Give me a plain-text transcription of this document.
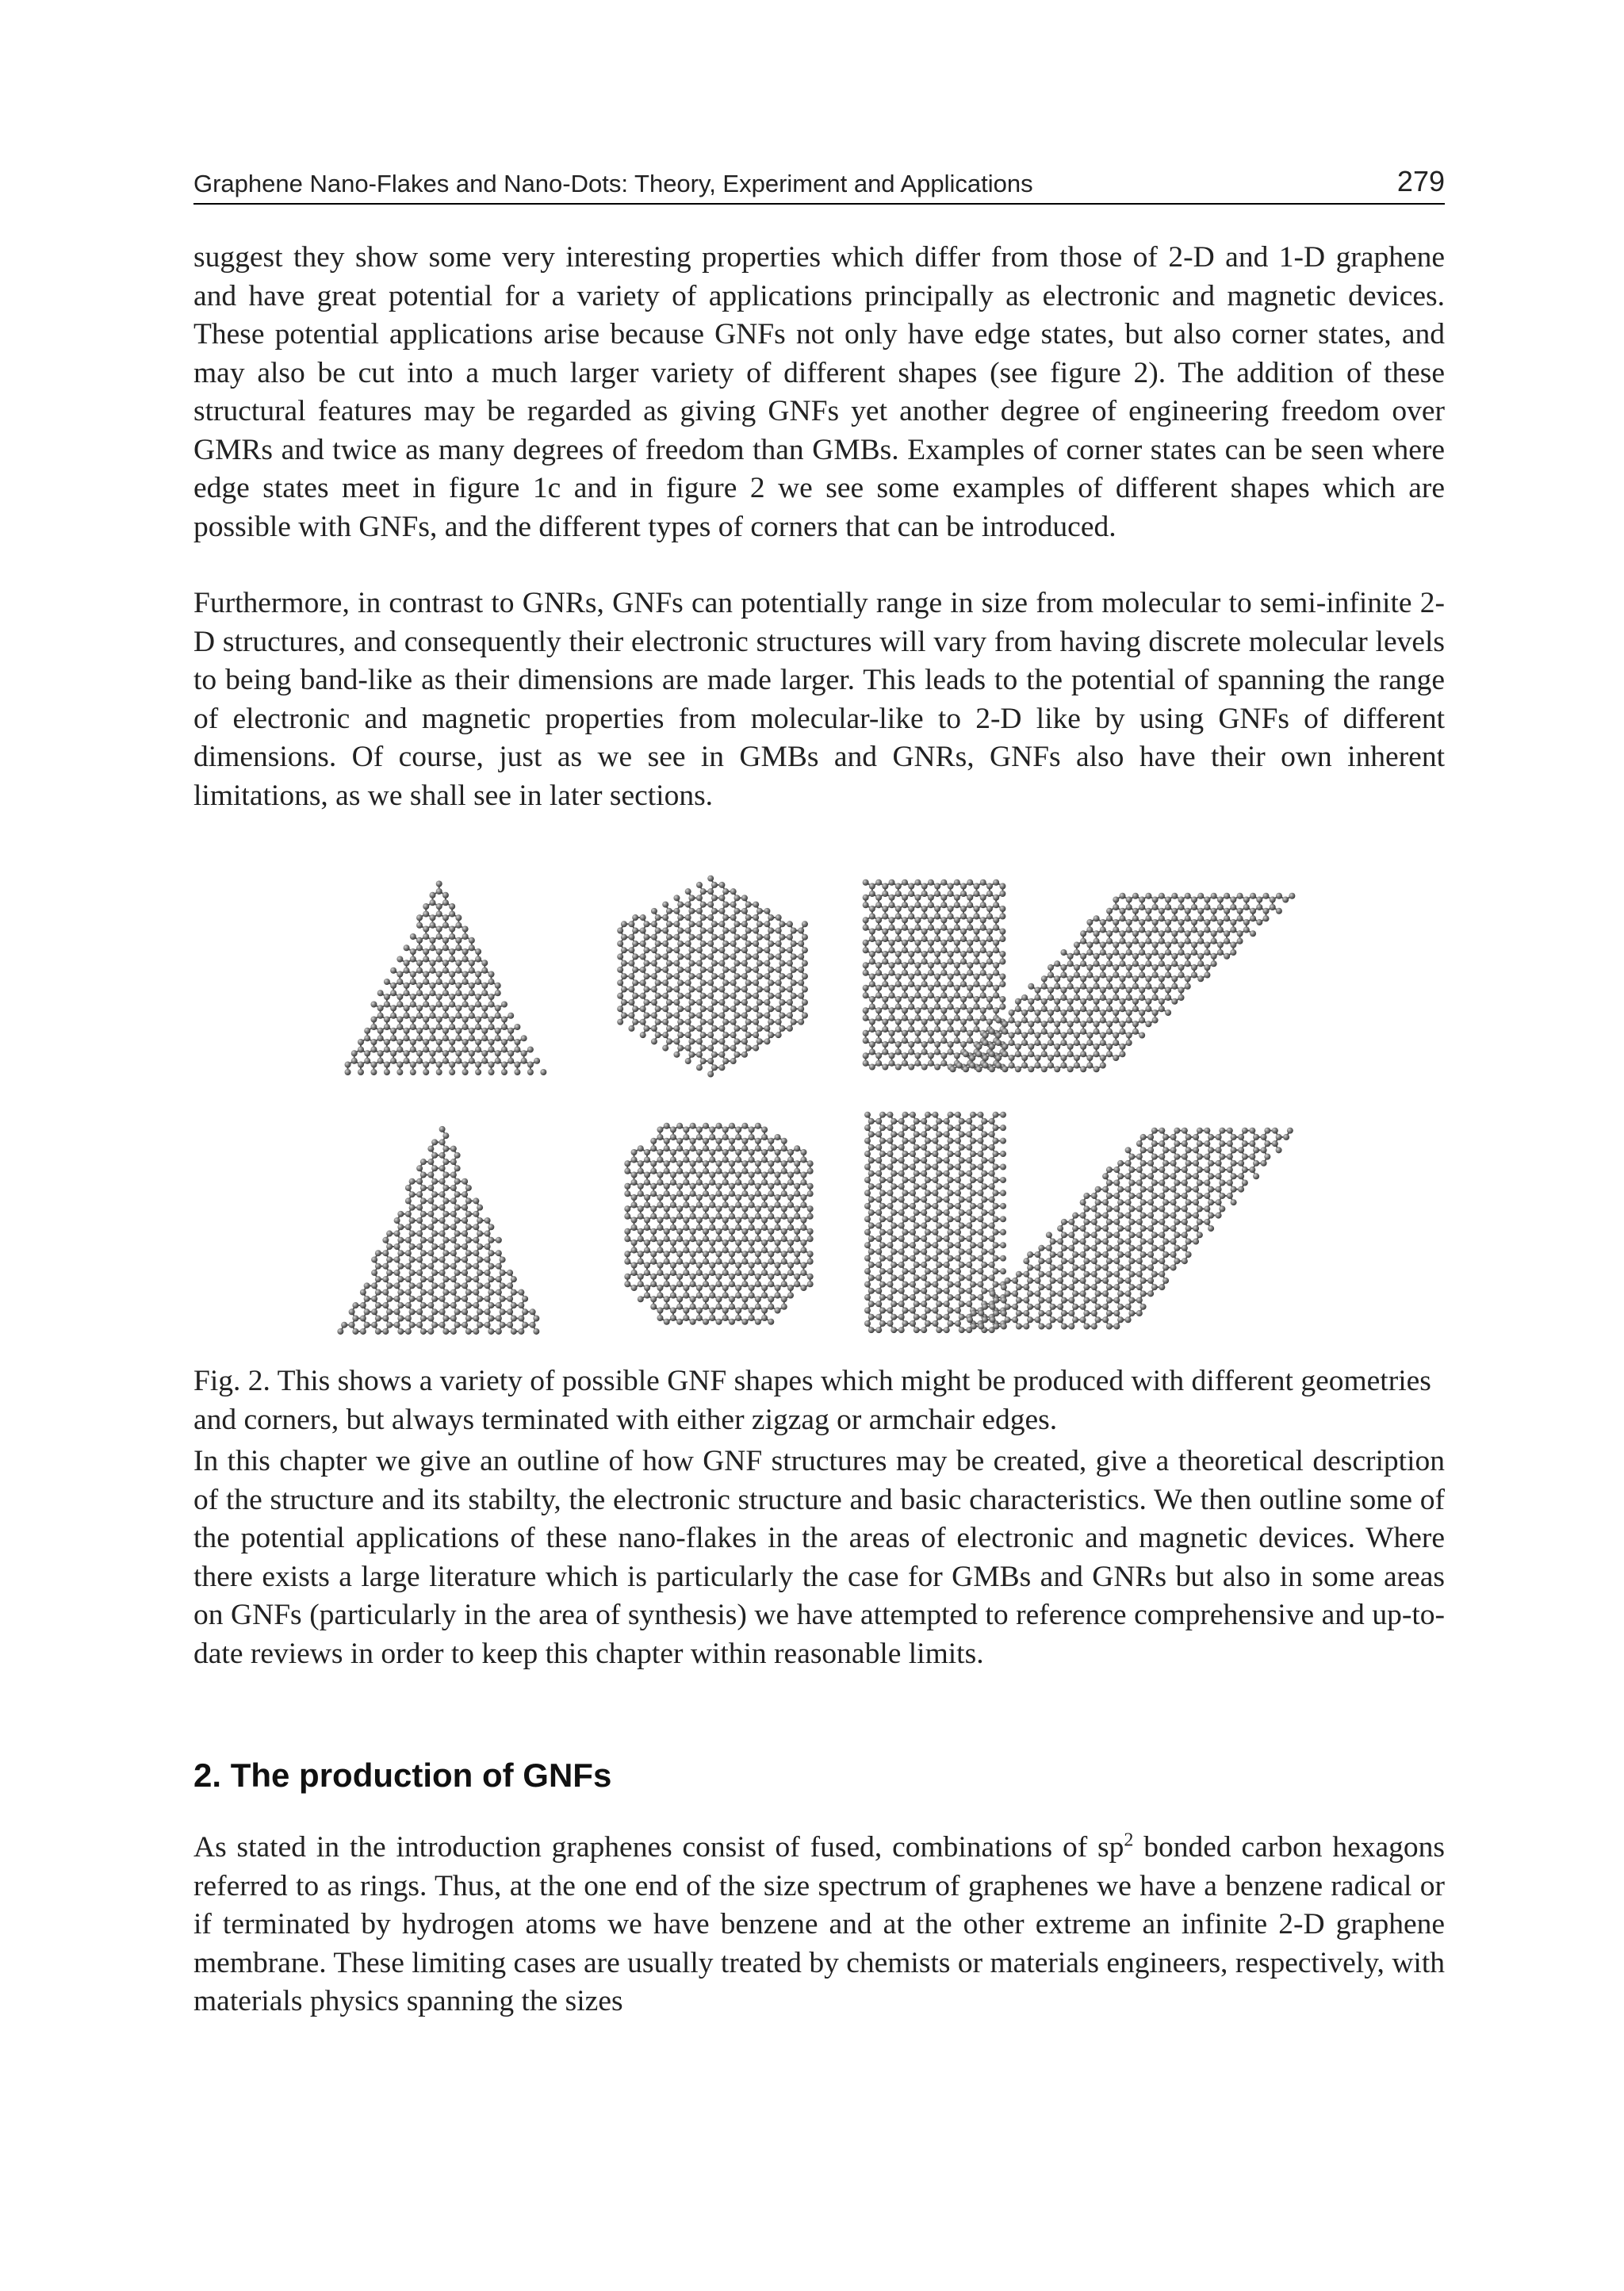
Graphene Nano-Flakes and Nano-Dots: Theory, Experiment and Applications	279

suggest they show some very interesting properties which differ from those of 2-D and 1-D graphene and have great potential for a variety of applications principally as electronic and magnetic devices. These potential applications arise because GNFs not only have edge states, but also corner states, and may also be cut into a much larger variety of different shapes (see figure 2). The addition of these structural features may be regarded as giving GNFs yet another degree of engineering freedom over GMRs and twice as many degrees of freedom than GMBs. Examples of corner states can be seen where edge states meet in figure 1c and in figure 2 we see some examples of different shapes which are possible with GNFs, and the different types of corners that can be introduced.

Furthermore, in contrast to GNRs, GNFs can potentially range in size from molecular to semi-infinite 2-D structures, and consequently their electronic structures will vary from having discrete molecular levels to being band-like as their dimensions are made larger. This leads to the potential of spanning the range of electronic and magnetic properties from molecular-like to 2-D like by using GNFs of different dimensions. Of course, just as we see in GMBs and GNRs, GNFs also have their own inherent limitations, as we shall see in later sections.

Fig. 2. This shows a variety of possible GNF shapes which might be produced with different geometries and corners, but always terminated with either zigzag or armchair edges.

In this chapter we give an outline of how GNF structures may be created, give a theoretical description of the structure and its stabilty, the electronic structure and basic characteristics. We then outline some of the potential applications of these nano-flakes in the areas of electronic and magnetic devices. Where there exists a large literature which is particularly the case for GMBs and GNRs but also in some areas on GNFs (particularly in the area of synthesis) we have attempted to reference comprehensive and up-to-date reviews in order to keep this chapter within reasonable limits.

2. The production of GNFs

As stated in the introduction graphenes consist of fused, combinations of $sp^2$ bonded carbon hexagons referred to as rings. Thus, at the one end of the size spectrum of graphenes we have a benzene radical or if terminated by hydrogen atoms we have benzene and at the other extreme an infinite 2-D graphene membrane. These limiting cases are usually treated by chemists or materials engineers, respectively, with materials physics spanning the sizes
